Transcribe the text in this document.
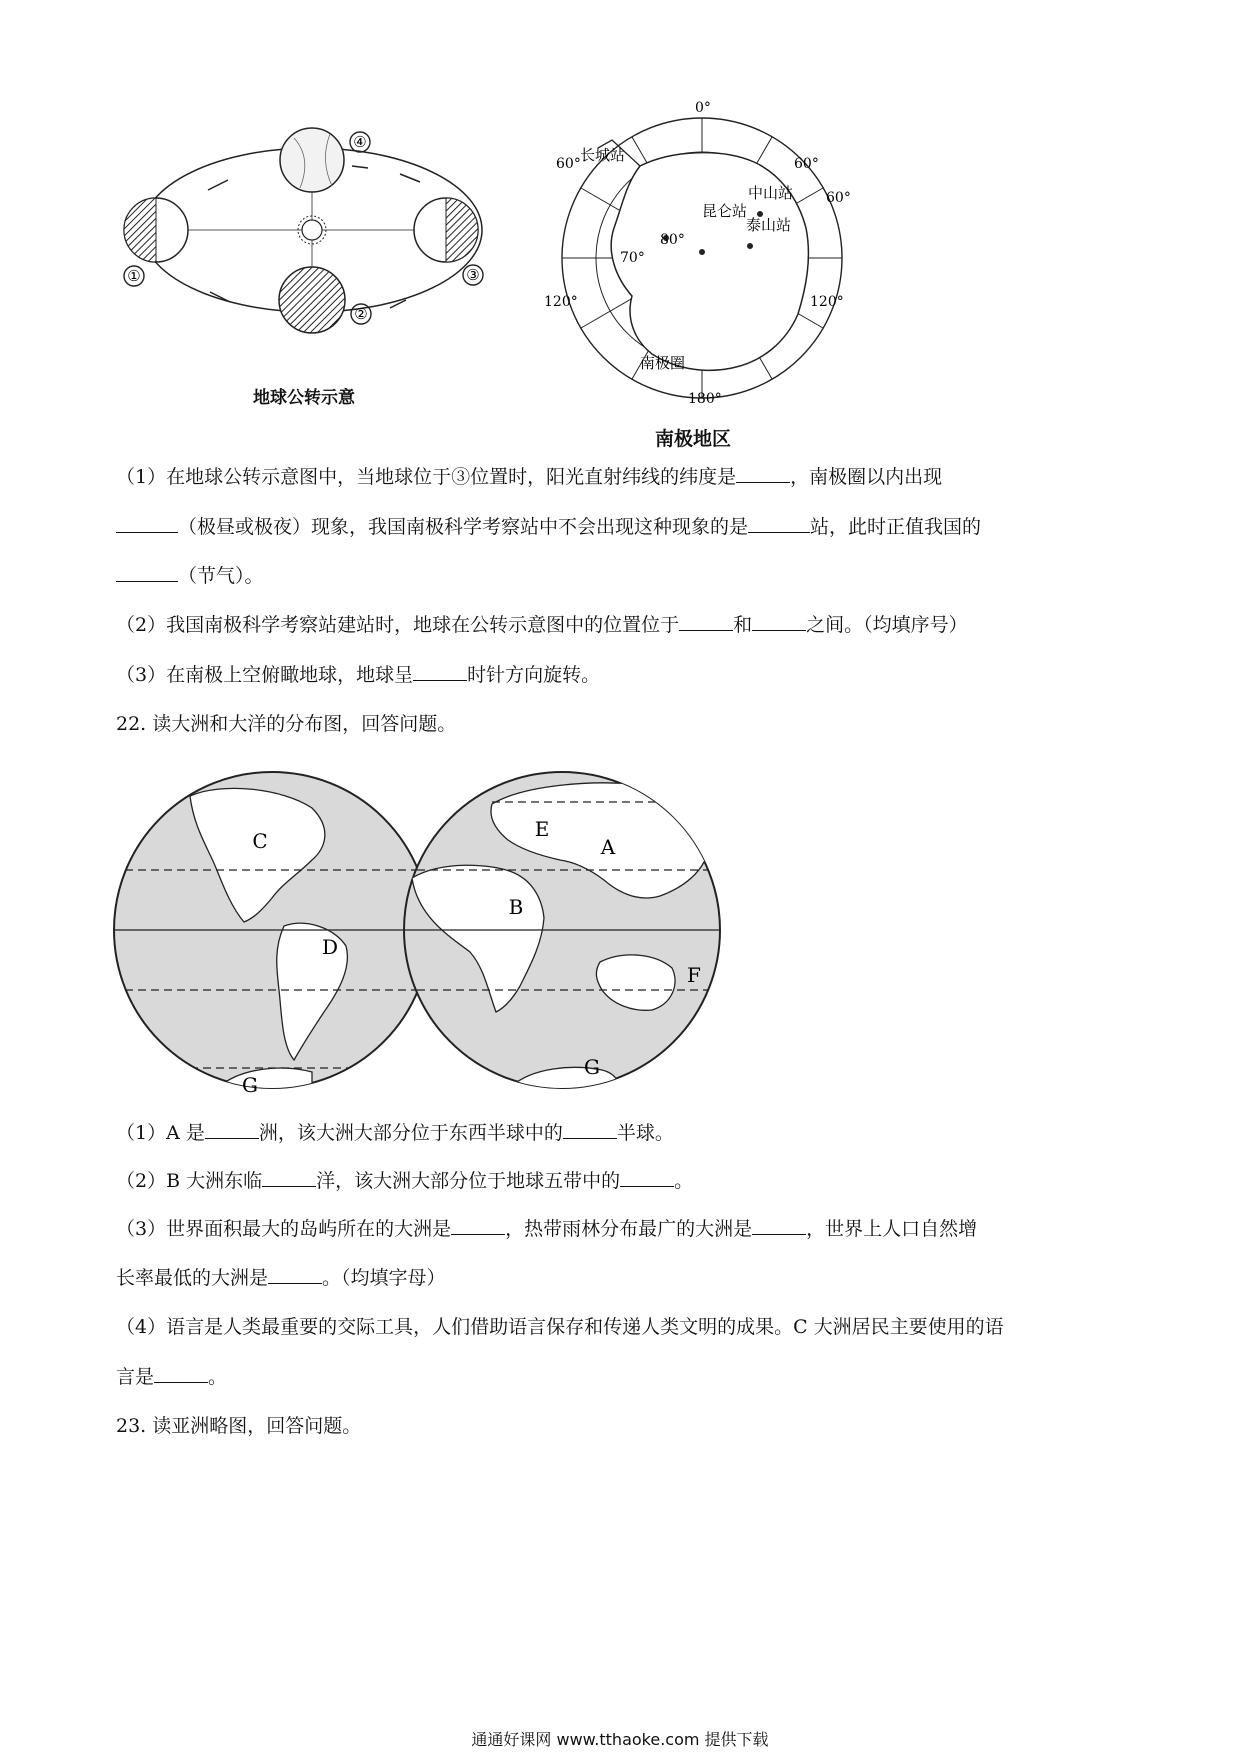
①
②
③
④
地球公转示意
0°
60°	60°
60°
120°	120°
180°
80°
70°
长城站
昆仑站
中山站
泰山站
南极圈
南极地区
（1）在地球公转示意图中，当地球位于③位置时，阳光直射纬线的纬度是	，南极圈以内出现
（极昼或极夜）现象，我国南极科学考察站中不会出现这种现象的是	站，此时正值我国的
（节气）。
（2）我国南极科学考察站建站时，地球在公转示意图中的位置位于	和	之间。（均填序号）
（3）在南极上空俯瞰地球，地球呈	时针方向旋转。
22. 读大洲和大洋的分布图，回答问题。
C
D
G
E
A
B
F
G
（1）A 是	洲，该大洲大部分位于东西半球中的	半球。
（2）B 大洲东临	洋，该大洲大部分位于地球五带中的	。
（3）世界面积最大的岛屿所在的大洲是	，热带雨林分布最广的大洲是	，世界上人口自然增
长率最低的大洲是	。（均填字母）
（4）语言是人类最重要的交际工具，人们借助语言保存和传递人类文明的成果。C 大洲居民主要使用的语
言是	。
23. 读亚洲略图，回答问题。
通通好课网 www.tthaoke.com 提供下载
